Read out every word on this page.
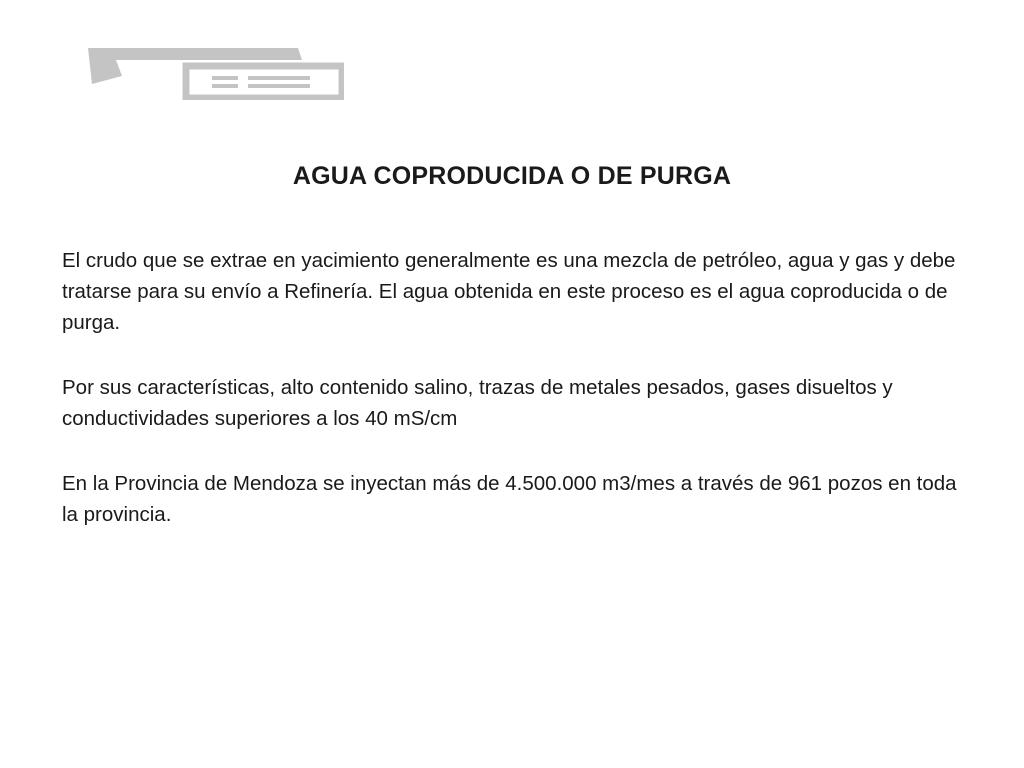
AGUA COPRODUCIDA O DE PURGA

El crudo que se extrae en yacimiento generalmente es una mezcla de petróleo, agua y gas y debe tratarse para su envío a Refinería. El agua obtenida en este proceso es el agua coproducida o de purga.

Por sus características, alto contenido salino, trazas de metales pesados, gases disueltos y conductividades superiores a los 40 mS/cm

En la Provincia de Mendoza se inyectan más de 4.500.000 m3/mes a través de 961 pozos en toda la provincia.
